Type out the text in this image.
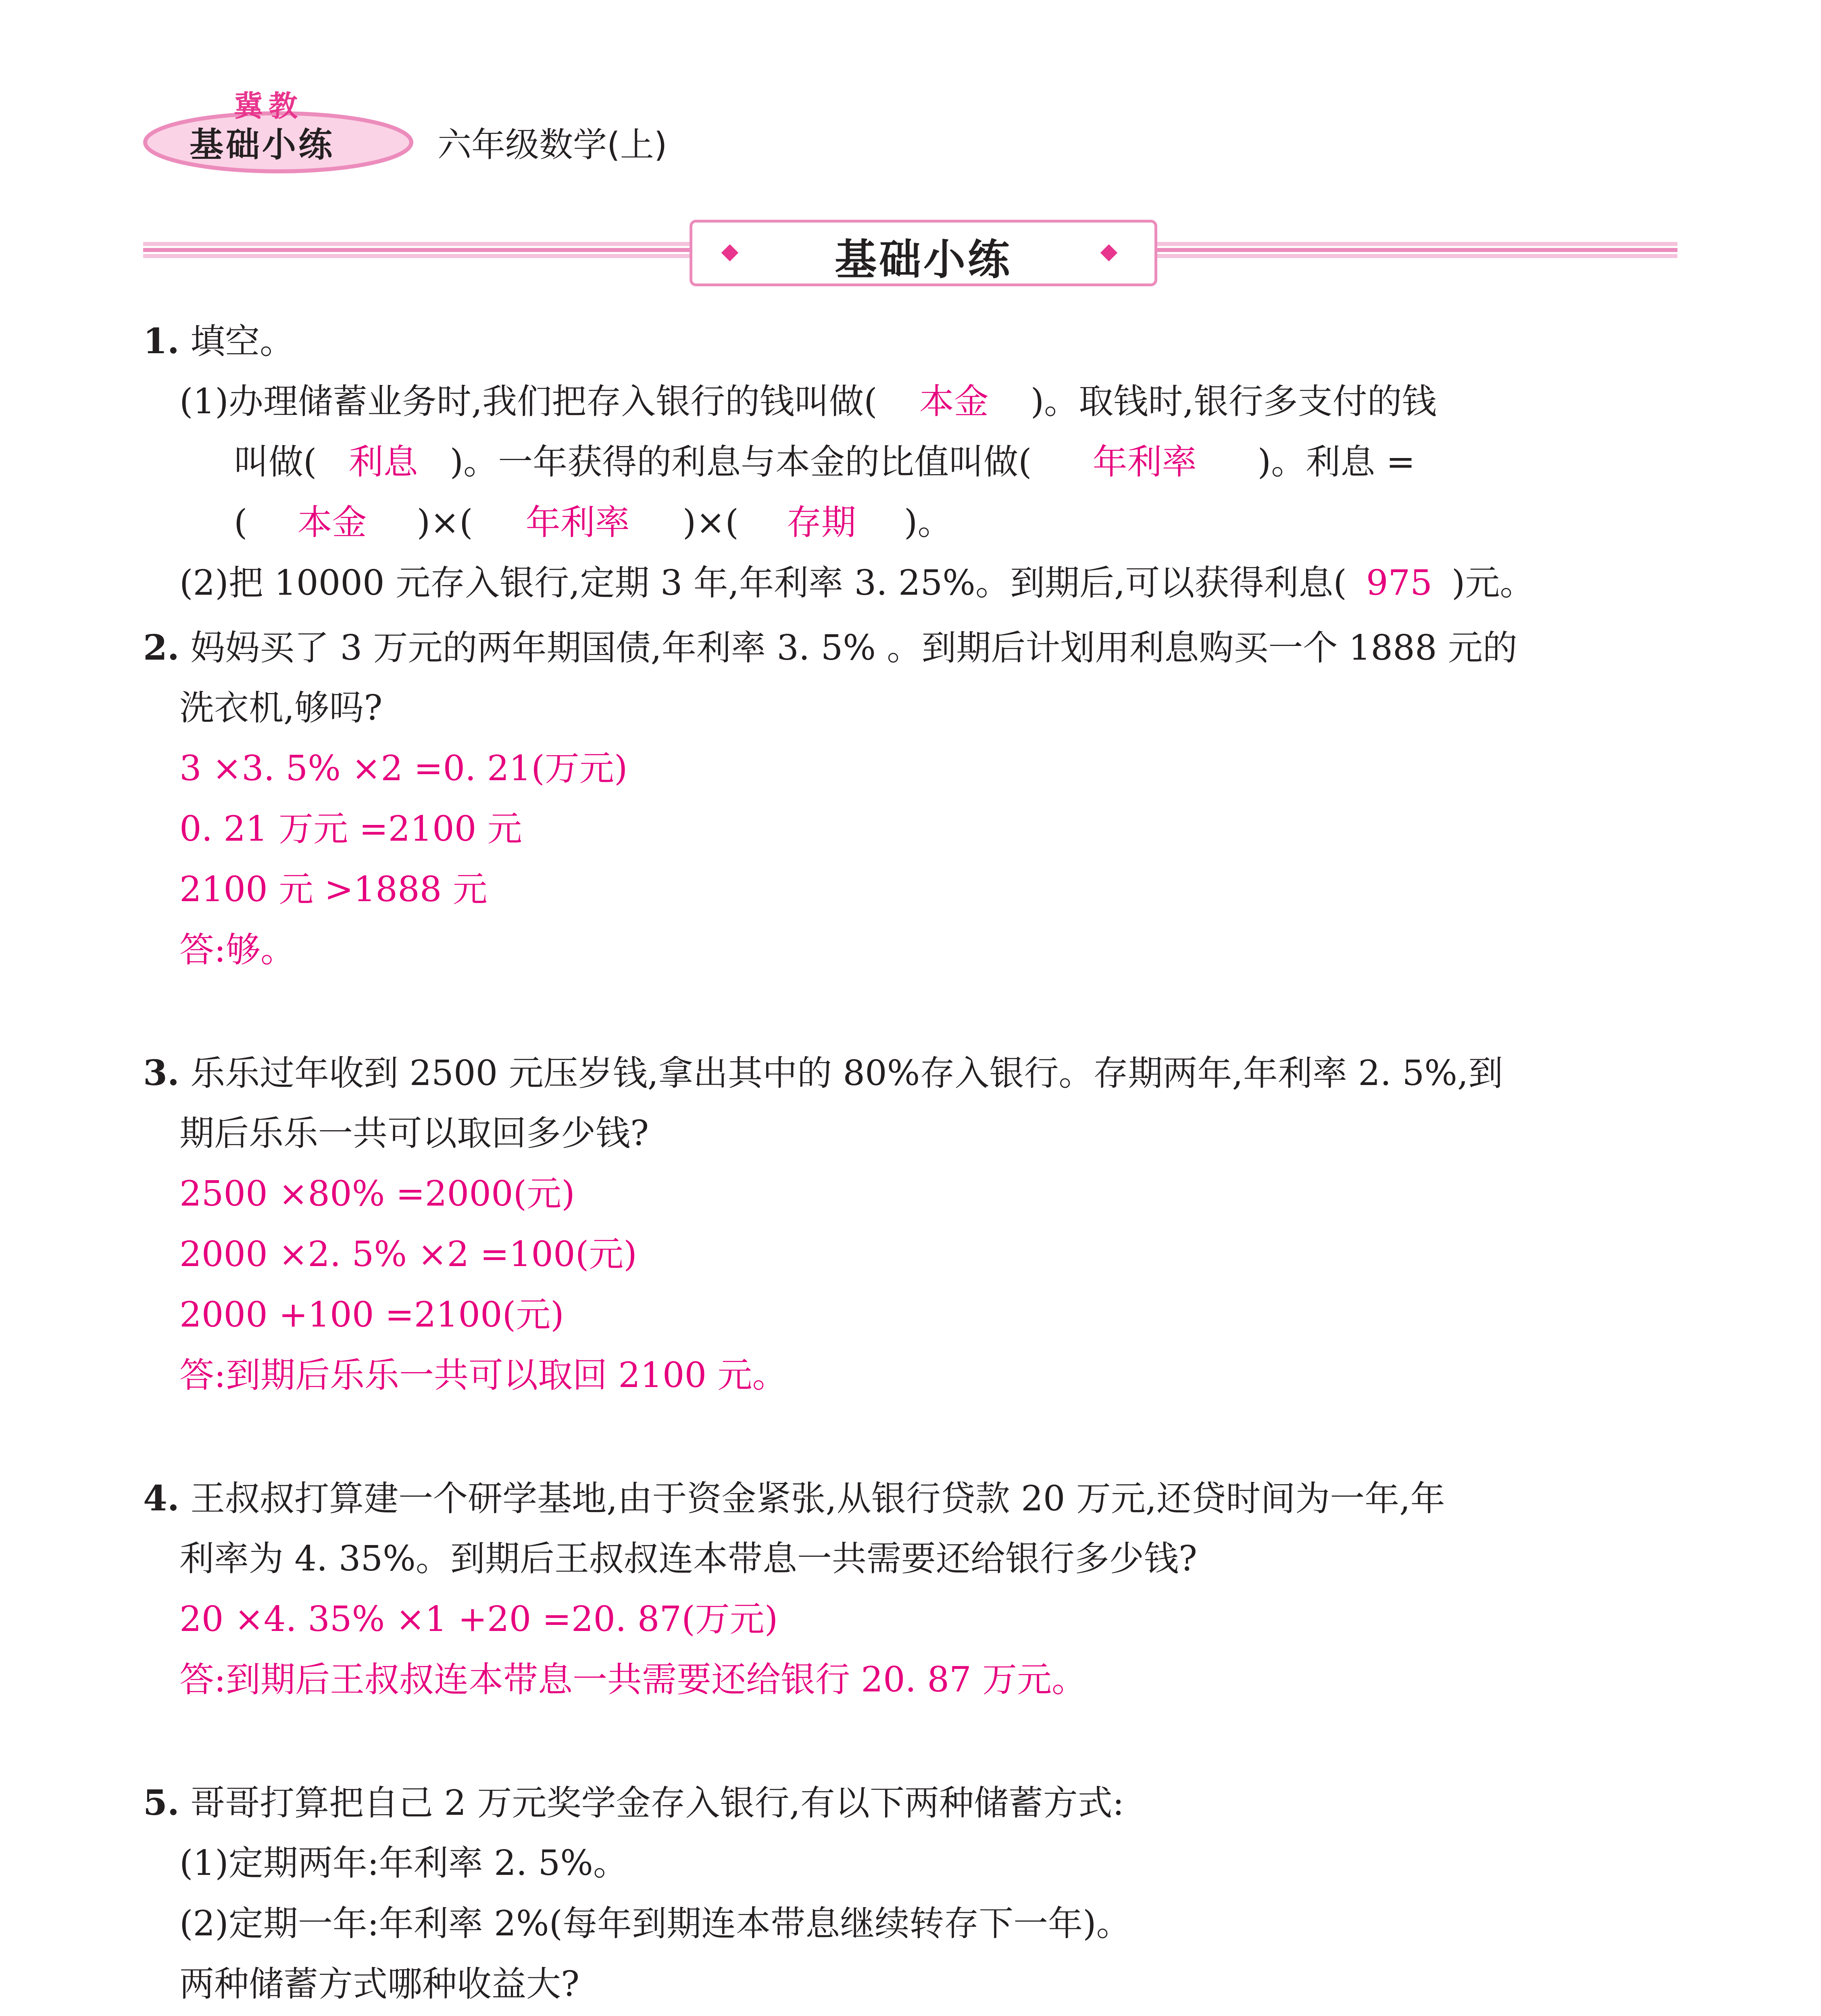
冀教
基础小练	六年级数学(上)
基础小练
1. 填空。
(1)办理储蓄业务时,我们把存入银行的钱叫做( 本金 )。取钱时,银行多支付的钱
叫做( 利息 )。一年获得的利息与本金的比值叫做( 年利率 )。利息 =
( 本金 )×( 年利率 )×( 存期 )。
(2)把 10000 元存入银行,定期 3 年,年利率 3. 25%。到期后,可以获得利息( 975 )元。
2. 妈妈买了 3 万元的两年期国债,年利率 3. 5% 。到期后计划用利息购买一个 1888 元的
洗衣机,够吗?
3 ×3. 5% ×2 =0. 21(万元)
0. 21 万元 =2100 元
2100 元 >1888 元
答:够。
3. 乐乐过年收到 2500 元压岁钱,拿出其中的 80%存入银行。存期两年,年利率 2. 5%,到
期后乐乐一共可以取回多少钱?
2500 ×80% =2000(元)
2000 ×2. 5% ×2 =100(元)
2000 +100 =2100(元)
答:到期后乐乐一共可以取回 2100 元。
4. 王叔叔打算建一个研学基地,由于资金紧张,从银行贷款 20 万元,还贷时间为一年,年
利率为 4. 35%。到期后王叔叔连本带息一共需要还给银行多少钱?
20 ×4. 35% ×1 +20 =20. 87(万元)
答:到期后王叔叔连本带息一共需要还给银行 20. 87 万元。
5. 哥哥打算把自己 2 万元奖学金存入银行,有以下两种储蓄方式:
(1)定期两年:年利率 2. 5%。
(2)定期一年:年利率 2%(每年到期连本带息继续转存下一年)。
两种储蓄方式哪种收益大?
